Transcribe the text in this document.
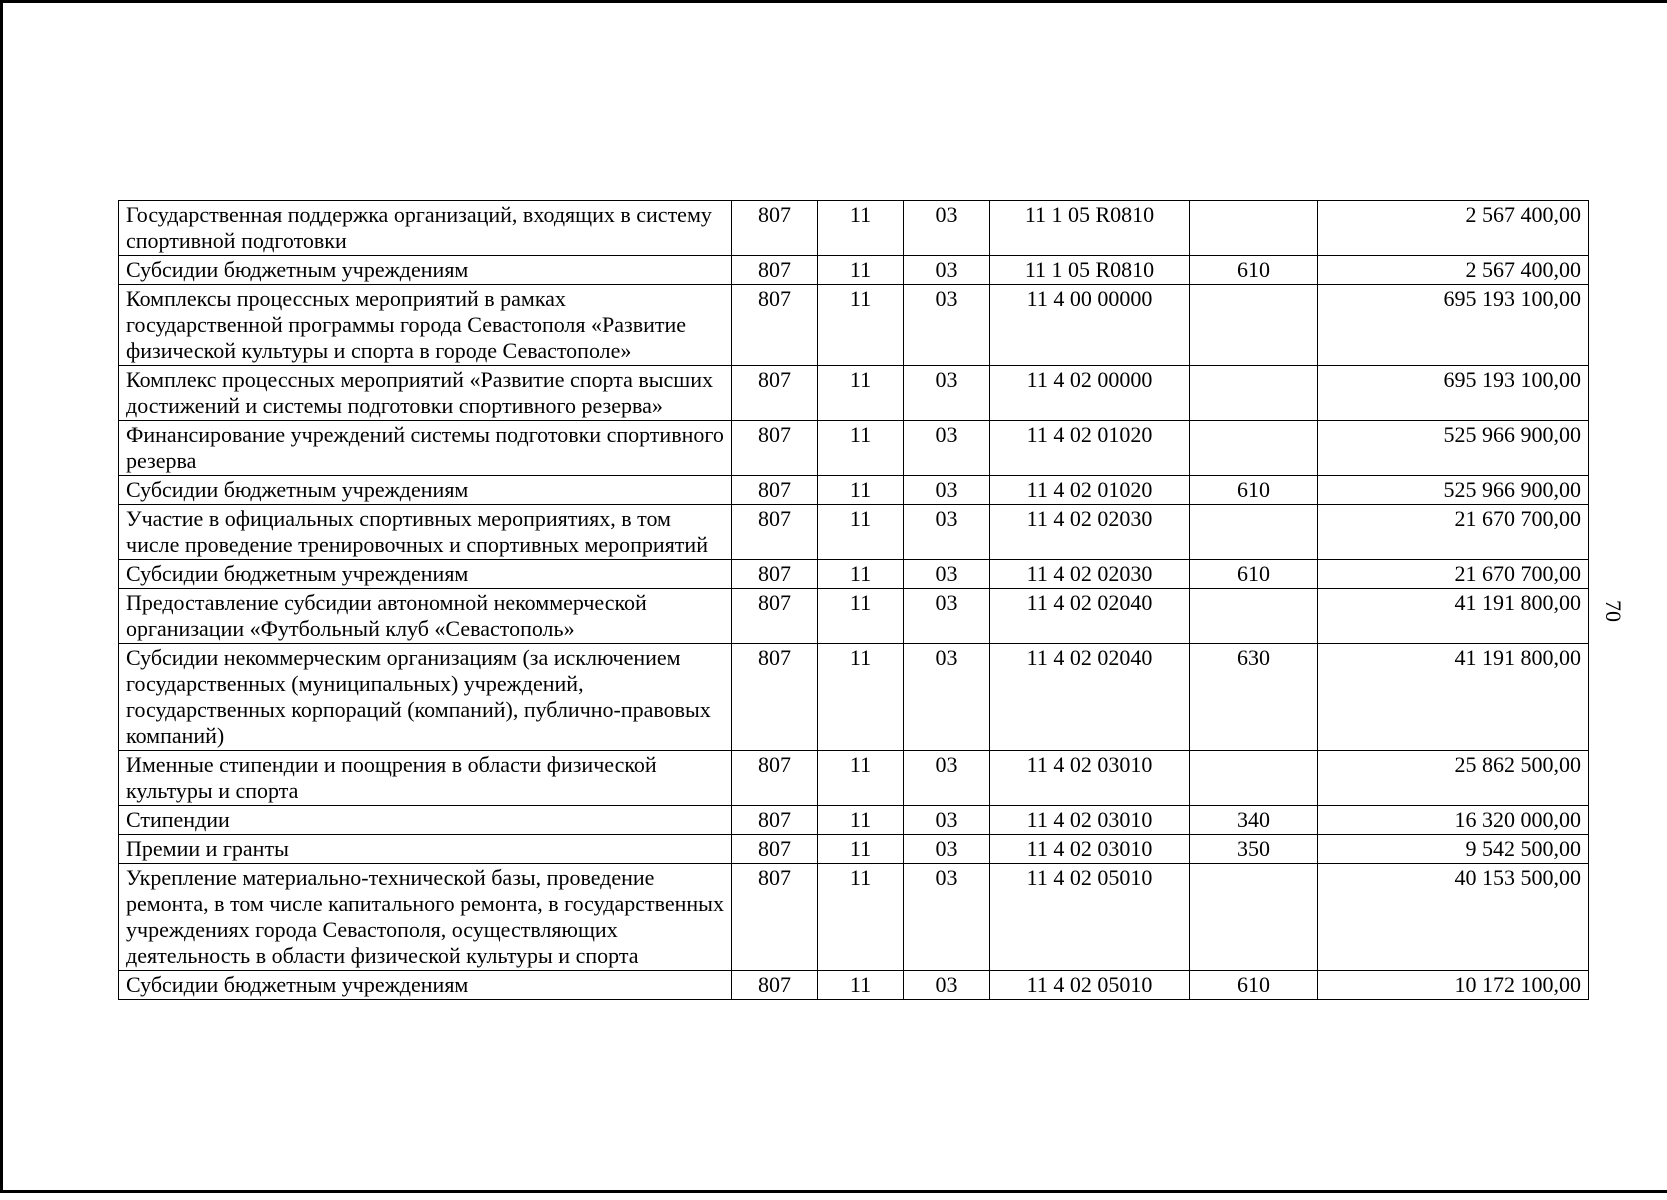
70
Государственная поддержка организаций, входящих в систему спортивной подготовки	807	11	03	11 1 05 R0810		2 567 400,00
Субсидии бюджетным учреждениям	807	11	03	11 1 05 R0810	610	2 567 400,00
Комплексы процессных мероприятий в рамках государственной программы города Севастополя «Развитие физической культуры и спорта в городе Севастополе»	807	11	03	11 4 00 00000		695 193 100,00
Комплекс процессных мероприятий «Развитие спорта высших достижений и системы подготовки спортивного резерва»	807	11	03	11 4 02 00000		695 193 100,00
Финансирование учреждений системы подготовки спортивного резерва	807	11	03	11 4 02 01020		525 966 900,00
Субсидии бюджетным учреждениям	807	11	03	11 4 02 01020	610	525 966 900,00
Участие в официальных спортивных мероприятиях, в том числе проведение тренировочных и спортивных мероприятий	807	11	03	11 4 02 02030		21 670 700,00
Субсидии бюджетным учреждениям	807	11	03	11 4 02 02030	610	21 670 700,00
Предоставление субсидии автономной некоммерческой организации «Футбольный клуб «Севастополь»	807	11	03	11 4 02 02040		41 191 800,00
Субсидии некоммерческим организациям (за исключением государственных (муниципальных) учреждений, государственных корпораций (компаний), публично-правовых компаний)	807	11	03	11 4 02 02040	630	41 191 800,00
Именные стипендии и поощрения в области физической культуры и спорта	807	11	03	11 4 02 03010		25 862 500,00
Стипендии	807	11	03	11 4 02 03010	340	16 320 000,00
Премии и гранты	807	11	03	11 4 02 03010	350	9 542 500,00
Укрепление материально-технической базы, проведение ремонта, в том числе капитального ремонта, в государственных учреждениях города Севастополя, осуществляющих деятельность в области физической культуры и спорта	807	11	03	11 4 02 05010		40 153 500,00
Субсидии бюджетным учреждениям	807	11	03	11 4 02 05010	610	10 172 100,00
